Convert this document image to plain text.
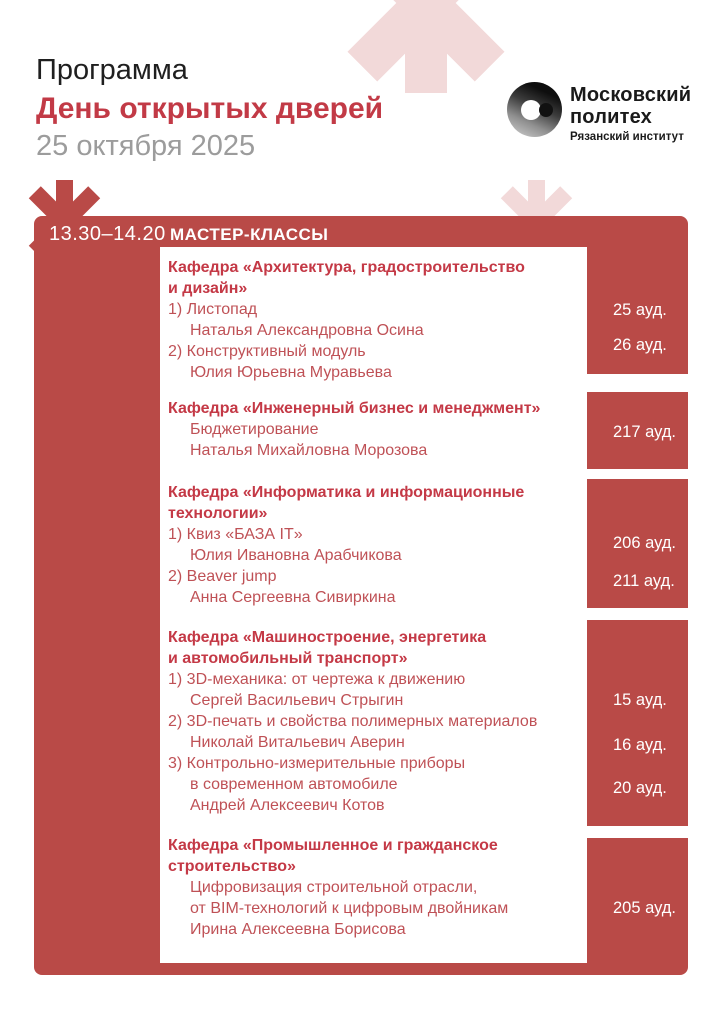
Программа
День открытых дверей
25 октября 2025
Московский
политех
Рязанский институт
13.30–14.20 МАСТЕР-КЛАССЫ
Кафедра «Архитектура, градостроительство
и дизайн»
1) Листопад
Наталья Александровна Осина
2) Конструктивный модуль
Юлия Юрьевна Муравьева
Кафедра «Инженерный бизнес и менеджмент»
Бюджетирование
Наталья Михайловна Морозова
Кафедра «Информатика и информационные
технологии»
1) Квиз «БАЗА IT»
Юлия Ивановна Арабчикова
2) Beaver jump
Анна Сергеевна Сивиркина
Кафедра «Машиностроение, энергетика
и автомобильный транспорт»
1) 3D-механика: от чертежа к движению
Сергей Васильевич Стрыгин
2) 3D-печать и свойства полимерных материалов
Николай Витальевич Аверин
3) Контрольно-измерительные приборы
в современном автомобиле
Андрей Алексеевич Котов
Кафедра «Промышленное и гражданское
строительство»
Цифровизация строительной отрасли,
от BIM-технологий к цифровым двойникам
Ирина Алексеевна Борисова
25 ауд.
26 ауд.
217 ауд.
206 ауд.
211 ауд.
15 ауд.
16 ауд.
20 ауд.
205 ауд.
